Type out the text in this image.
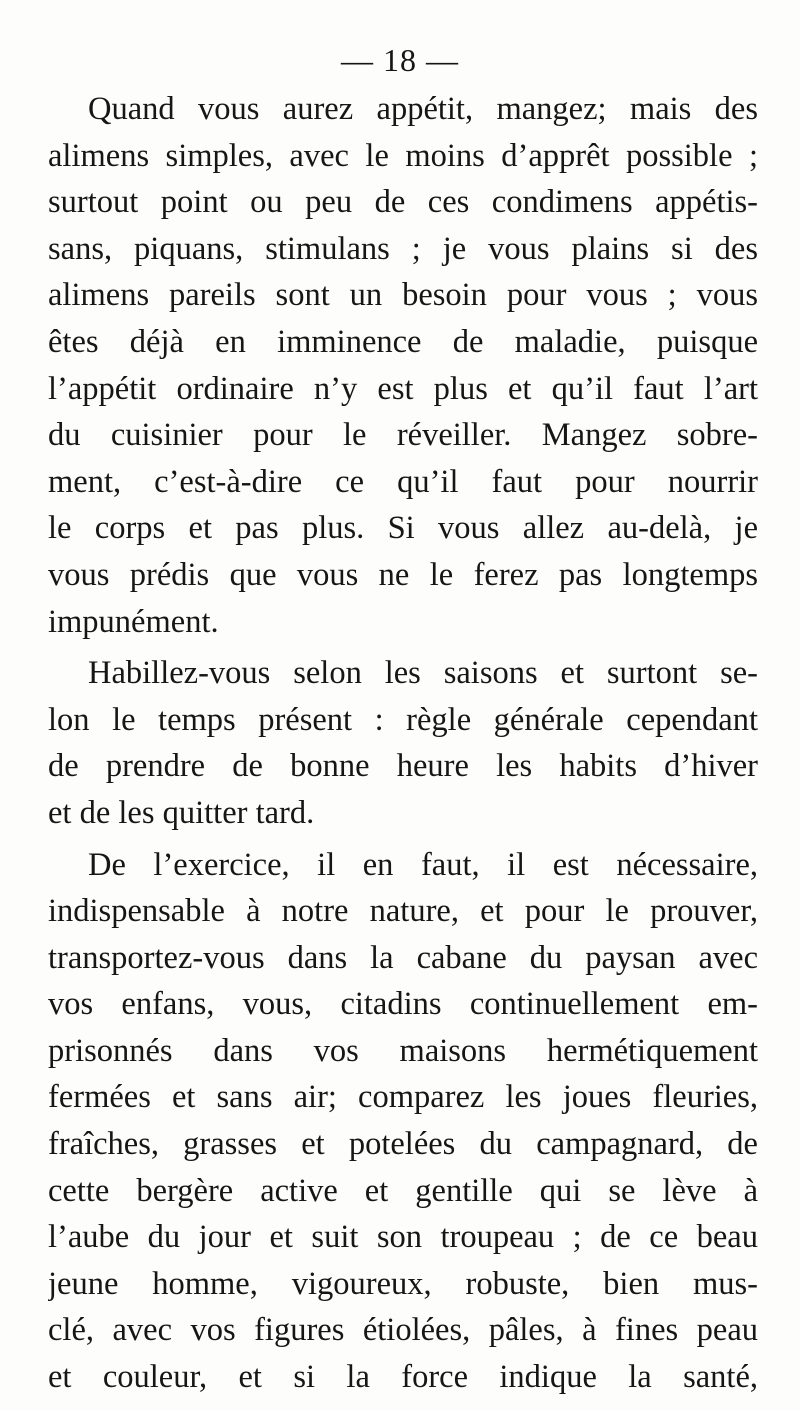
— 18 —
Quand vous aurez appétit, mangez; mais des
alimens simples, avec le moins d’apprêt possible ;
surtout point ou peu de ces condimens appétis-
sans, piquans, stimulans ; je vous plains si des
alimens pareils sont un besoin pour vous ; vous
êtes déjà en imminence de maladie, puisque
l’appétit ordinaire n’y est plus et qu’il faut l’art
du cuisinier pour le réveiller. Mangez sobre-
ment, c’est-à-dire ce qu’il faut pour nourrir
le corps et pas plus. Si vous allez au-delà, je
vous prédis que vous ne le ferez pas longtemps
impunément.
Habillez-vous selon les saisons et surtont se-
lon le temps présent : règle générale cependant
de prendre de bonne heure les habits d’hiver
et de les quitter tard.
De l’exercice, il en faut, il est nécessaire,
indispensable à notre nature, et pour le prouver,
transportez-vous dans la cabane du paysan avec
vos enfans, vous, citadins continuellement em-
prisonnés dans vos maisons hermétiquement
fermées et sans air; comparez les joues fleuries,
fraîches, grasses et potelées du campagnard, de
cette bergère active et gentille qui se lève à
l’aube du jour et suit son troupeau ; de ce beau
jeune homme, vigoureux, robuste, bien mus-
clé, avec vos figures étiolées, pâles, à fines peau
et couleur, et si la force indique la santé,
